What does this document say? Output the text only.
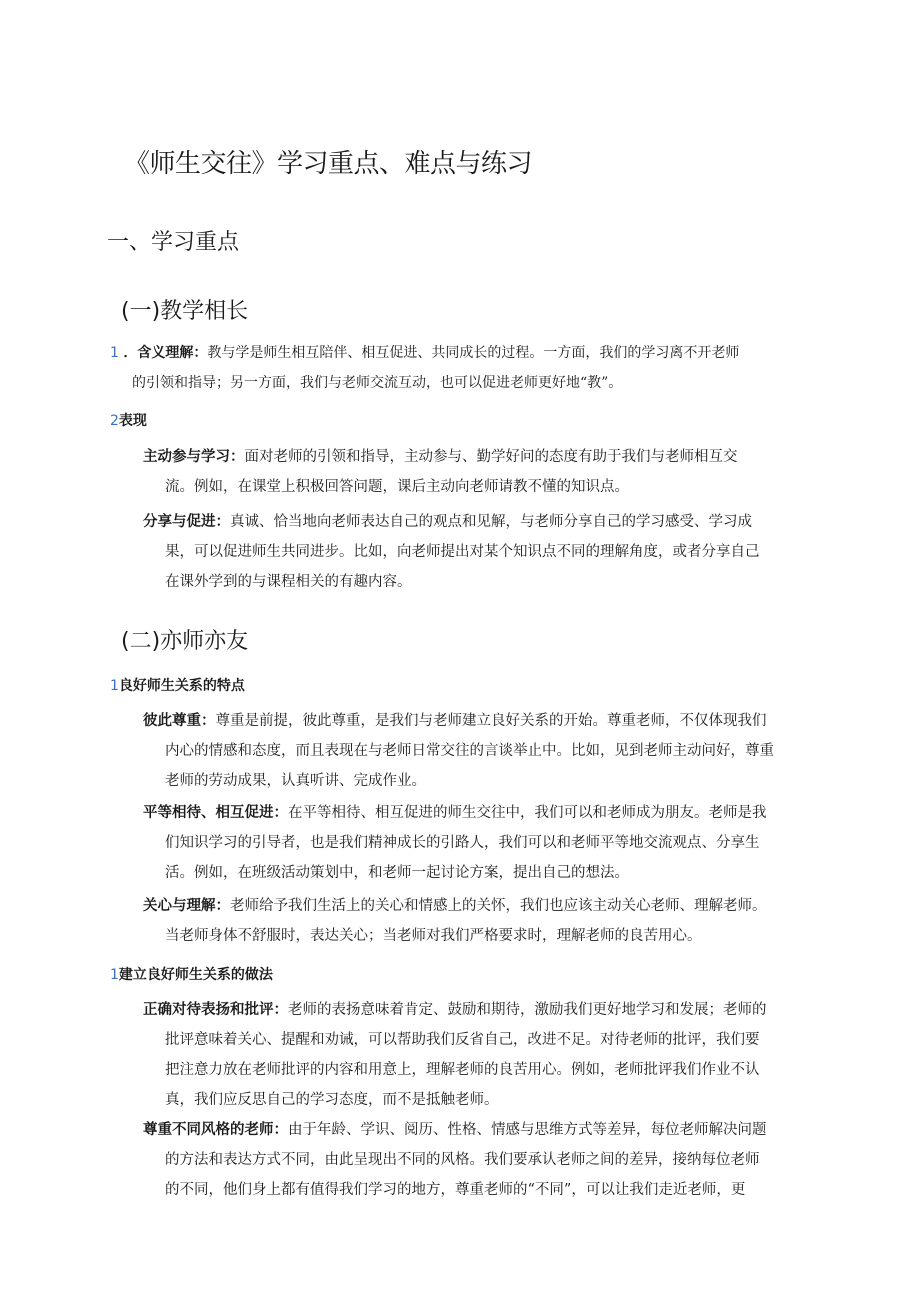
《师生交往》学习重点、难点与练习
一、学习重点
(一)教学相长
1 ．含义理解：教与学是师生相互陪伴、相互促进、共同成长的过程。一方面，我们的学习离不开老师
的引领和指导；另一方面，我们与老师交流互动，也可以促进老师更好地“教”。
2表现
主动参与学习：面对老师的引领和指导，主动参与、勤学好问的态度有助于我们与老师相互交
流。例如，在课堂上积极回答问题，课后主动向老师请教不懂的知识点。
分享与促进：真诚、恰当地向老师表达自己的观点和见解，与老师分享自己的学习感受、学习成
果，可以促进师生共同进步。比如，向老师提出对某个知识点不同的理解角度，或者分享自己
在课外学到的与课程相关的有趣内容。
(二)亦师亦友
1良好师生关系的特点
彼此尊重：尊重是前提，彼此尊重，是我们与老师建立良好关系的开始。尊重老师，不仅体现我们
内心的情感和态度，而且表现在与老师日常交往的言谈举止中。比如，见到老师主动问好，尊重
老师的劳动成果，认真听讲、完成作业。
平等相待、相互促进：在平等相待、相互促进的师生交往中，我们可以和老师成为朋友。老师是我
们知识学习的引导者，也是我们精神成长的引路人，我们可以和老师平等地交流观点、分享生
活。例如，在班级活动策划中，和老师一起讨论方案，提出自己的想法。
关心与理解：老师给予我们生活上的关心和情感上的关怀，我们也应该主动关心老师、理解老师。
当老师身体不舒服时，表达关心；当老师对我们严格要求时，理解老师的良苦用心。
1建立良好师生关系的做法
正确对待表扬和批评：老师的表扬意味着肯定、鼓励和期待，激励我们更好地学习和发展；老师的
批评意味着关心、提醒和劝诫，可以帮助我们反省自己，改进不足。对待老师的批评，我们要
把注意力放在老师批评的内容和用意上，理解老师的良苦用心。例如，老师批评我们作业不认
真，我们应反思自己的学习态度，而不是抵触老师。
尊重不同风格的老师：由于年龄、学识、阅历、性格、情感与思维方式等差异，每位老师解决问题
的方法和表达方式不同，由此呈现出不同的风格。我们要承认老师之间的差异，接纳每位老师
的不同，他们身上都有值得我们学习的地方，尊重老师的“不同”，可以让我们走近老师，更
